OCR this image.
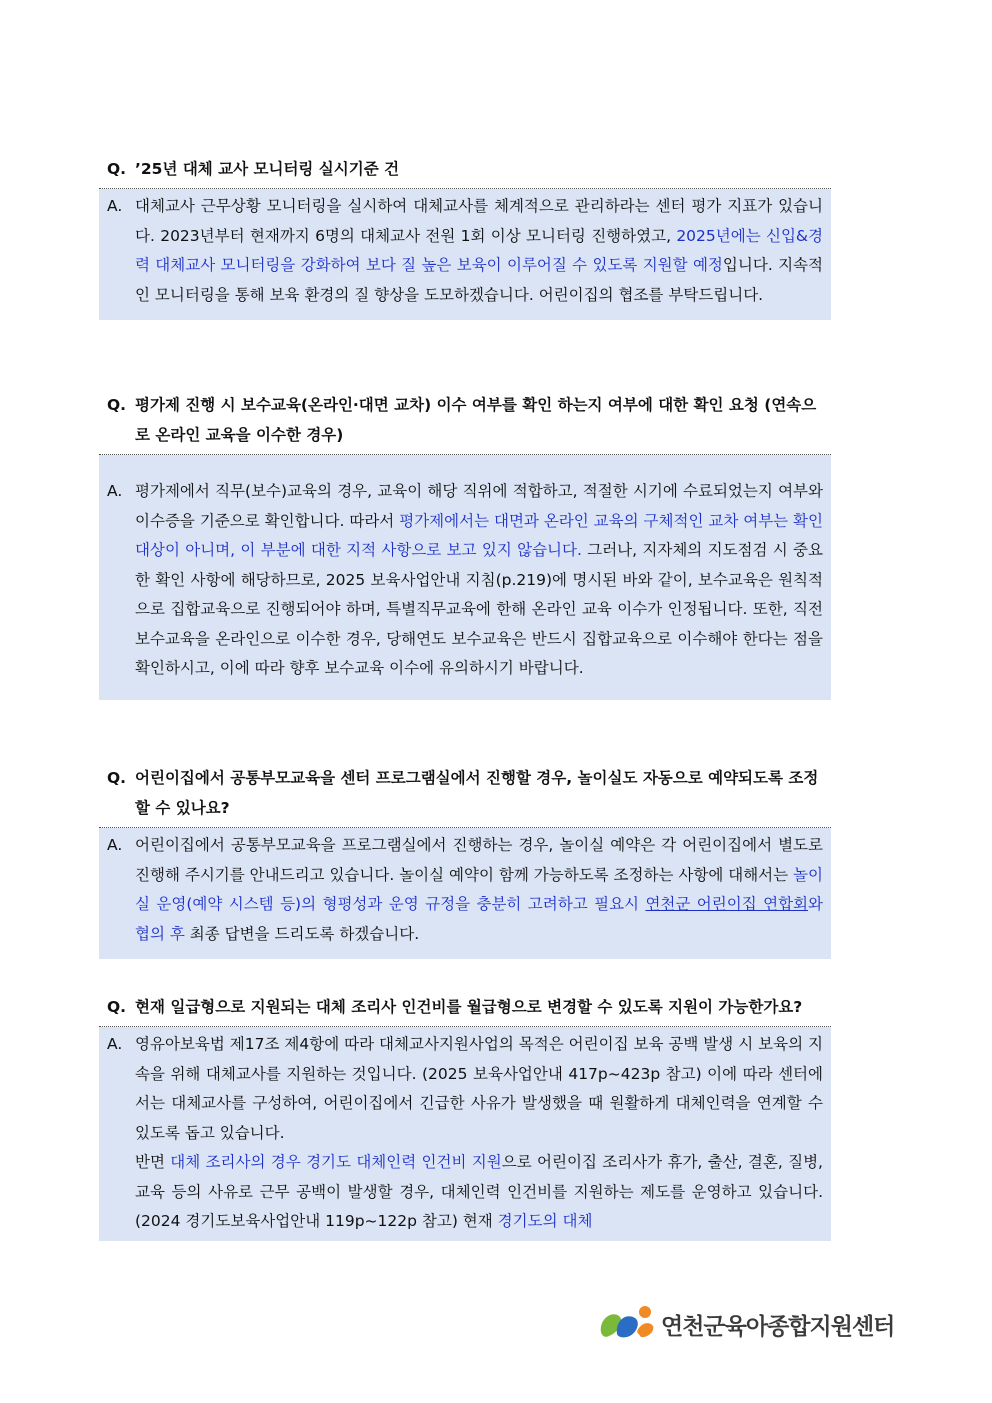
Q. ’25년 대체 교사 모니터링 실시기준 건
A. 대체교사 근무상황 모니터링을 실시하여 대체교사를 체계적으로 관리하라는 센터 평가 지표가 있습니다. 2023년부터 현재까지 6명의 대체교사 전원 1회 이상 모니터링 진행하였고, 2025년에는 신입&경력 대체교사 모니터링을 강화하여 보다 질 높은 보육이 이루어질 수 있도록 지원할 예정입니다. 지속적인 모니터링을 통해 보육 환경의 질 향상을 도모하겠습니다. 어린이집의 협조를 부탁드립니다.
Q. 평가제 진행 시 보수교육(온라인·대면 교차) 이수 여부를 확인 하는지 여부에 대한 확인 요청 (연속으로 온라인 교육을 이수한 경우)
A. 평가제에서 직무(보수)교육의 경우, 교육이 해당 직위에 적합하고, 적절한 시기에 수료되었는지 여부와 이수증을 기준으로 확인합니다. 따라서 평가제에서는 대면과 온라인 교육의 구체적인 교차 여부는 확인 대상이 아니며, 이 부분에 대한 지적 사항으로 보고 있지 않습니다. 그러나, 지자체의 지도점검 시 중요한 확인 사항에 해당하므로, 2025 보육사업안내 지침(p.219)에 명시된 바와 같이, 보수교육은 원칙적으로 집합교육으로 진행되어야 하며, 특별직무교육에 한해 온라인 교육 이수가 인정됩니다. 또한, 직전 보수교육을 온라인으로 이수한 경우, 당해연도 보수교육은 반드시 집합교육으로 이수해야 한다는 점을 확인하시고, 이에 따라 향후 보수교육 이수에 유의하시기 바랍니다.
Q. 어린이집에서 공통부모교육을 센터 프로그램실에서 진행할 경우, 놀이실도 자동으로 예약되도록 조정할 수 있나요?
A. 어린이집에서 공통부모교육을 프로그램실에서 진행하는 경우, 놀이실 예약은 각 어린이집에서 별도로 진행해 주시기를 안내드리고 있습니다. 놀이실 예약이 함께 가능하도록 조정하는 사항에 대해서는 놀이실 운영(예약 시스템 등)의 형평성과 운영 규정을 충분히 고려하고 필요시 연천군 어린이집 연합회와 협의 후 최종 답변을 드리도록 하겠습니다.
Q. 현재 일급형으로 지원되는 대체 조리사 인건비를 월급형으로 변경할 수 있도록 지원이 가능한가요?
A. 영유아보육법 제17조 제4항에 따라 대체교사지원사업의 목적은 어린이집 보육 공백 발생 시 보육의 지속을 위해 대체교사를 지원하는 것입니다. (2025 보육사업안내 417p~423p 참고) 이에 따라 센터에서는 대체교사를 구성하여, 어린이집에서 긴급한 사유가 발생했을 때 원활하게 대체인력을 연계할 수 있도록 돕고 있습니다.
반면 대체 조리사의 경우 경기도 대체인력 인건비 지원으로 어린이집 조리사가 휴가, 출산, 결혼, 질병, 교육 등의 사유로 근무 공백이 발생할 경우, 대체인력 인건비를 지원하는 제도를 운영하고 있습니다. (2024 경기도보육사업안내 119p~122p 참고) 현재 경기도의 대체
연천군육아종합지원센터
